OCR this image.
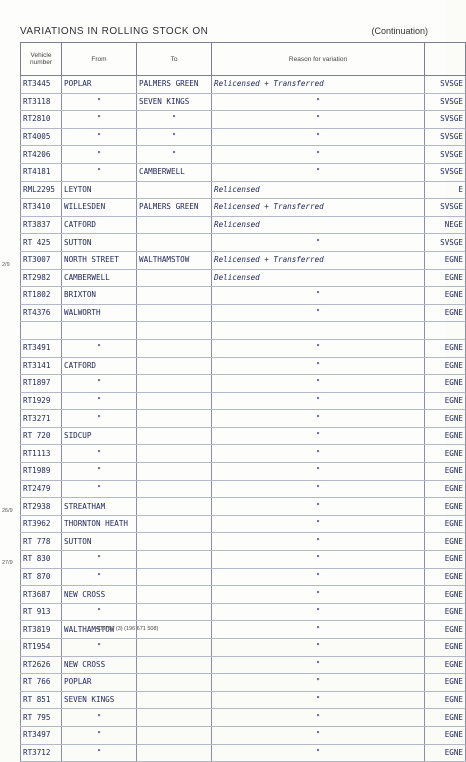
VARIATIONS IN ROLLING STOCK ON	(Continuation)
Vehicle number	From	To	Reason for variation	
RT3445	POPLAR	PALMERS GREEN	Relicensed + Transferred	SVSGE
RT3118	"	SEVEN KINGS	"	SVSGE
RT2810	"	"	"	SVSGE
RT4005	"	"	"	SVSGE
RT4206	"	"	"	SVSGE
RT4181	"	CAMBERWELL	"	SVSGE
RML2295	LEYTON		Relicensed	E
RT3410	WILLESDEN	PALMERS GREEN	Relicensed + Transferred	SVSGE
RT3837	CATFORD		Relicensed	NEGE
RT 425	SUTTON		"	SVSGE
RT3007	NORTH STREET	WALTHAMSTOW	Relicensed + Transferred	EGNE
RT2982	CAMBERWELL		Delicensed	EGNE
RT1802	BRIXTON		"	EGNE
RT4376	WALWORTH		"	EGNE

RT3491	"		"	EGNE
RT3141	CATFORD		"	EGNE
RT1897	"		"	EGNE
RT1929	"		"	EGNE
RT3271	"		"	EGNE
RT 720	SIDCUP		"	EGNE
RT1113	"		"	EGNE
RT1989	"		"	EGNE
RT2479	"		"	EGNE
RT2938	STREATHAM		"	EGNE
RT3962	THORNTON HEATH		"	EGNE
RT 778	SUTTON		"	EGNE
RT 830	"		"	EGNE
RT 870	"		"	EGNE
RT3687	NEW CROSS		"	EGNE
RT 913	"		"	EGNE
RT3819	WALTHAMSTOW		"	EGNE
RT1954	"		"	EGNE
RT2626	NEW CROSS		"	EGNE
RT 766	POPLAR		"	EGNE
RT 851	SEVEN KINGS		"	EGNE
RT 795	"		"	EGNE
RT3497	"		"	EGNE
RT3712	"		"	EGNE
2/9
26/9
27/9
408769 (3) (196 671 508)
